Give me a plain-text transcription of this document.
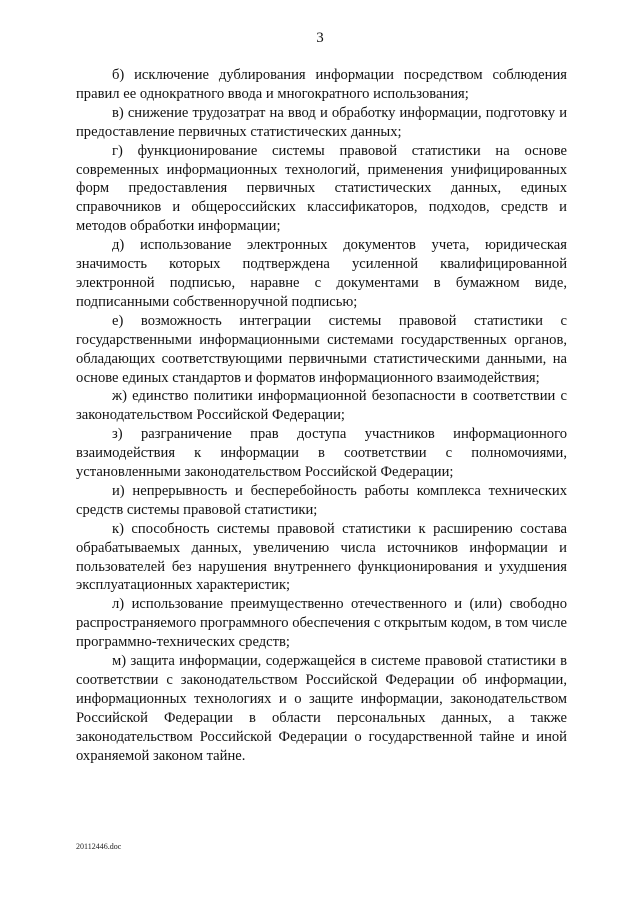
3

б) исключение дублирования информации посредством соблюдения правил ее однократного ввода и многократного использования;

в) снижение трудозатрат на ввод и обработку информации, подготовку и предоставление первичных статистических данных;

г) функционирование системы правовой статистики на основе современных информационных технологий, применения унифицированных форм предоставления первичных статистических данных, единых справочников и общероссийских классификаторов, подходов, средств и методов обработки информации;

д) использование электронных документов учета, юридическая значимость которых подтверждена усиленной квалифицированной электронной подписью, наравне с документами в бумажном виде, подписанными собственноручной подписью;

е) возможность интеграции системы правовой статистики с государственными информационными системами государственных органов, обладающих соответствующими первичными статистическими данными, на основе единых стандартов и форматов информационного взаимодействия;

ж) единство политики информационной безопасности в соответствии с законодательством Российской Федерации;

з) разграничение прав доступа участников информационного взаимодействия к информации в соответствии с полномочиями, установленными законодательством Российской Федерации;

и) непрерывность и бесперебойность работы комплекса технических средств системы правовой статистики;

к) способность системы правовой статистики к расширению состава обрабатываемых данных, увеличению числа источников информации и пользователей без нарушения внутреннего функционирования и ухудшения эксплуатационных характеристик;

л) использование преимущественно отечественного и (или) свободно распространяемого программного обеспечения с открытым кодом, в том числе программно-технических средств;

м) защита информации, содержащейся в системе правовой статистики в соответствии с законодательством Российской Федерации об информации, информационных технологиях и о защите информации, законодательством Российской Федерации в области персональных данных, а также законодательством Российской Федерации о государственной тайне и иной охраняемой законом тайне.

20112446.doc
